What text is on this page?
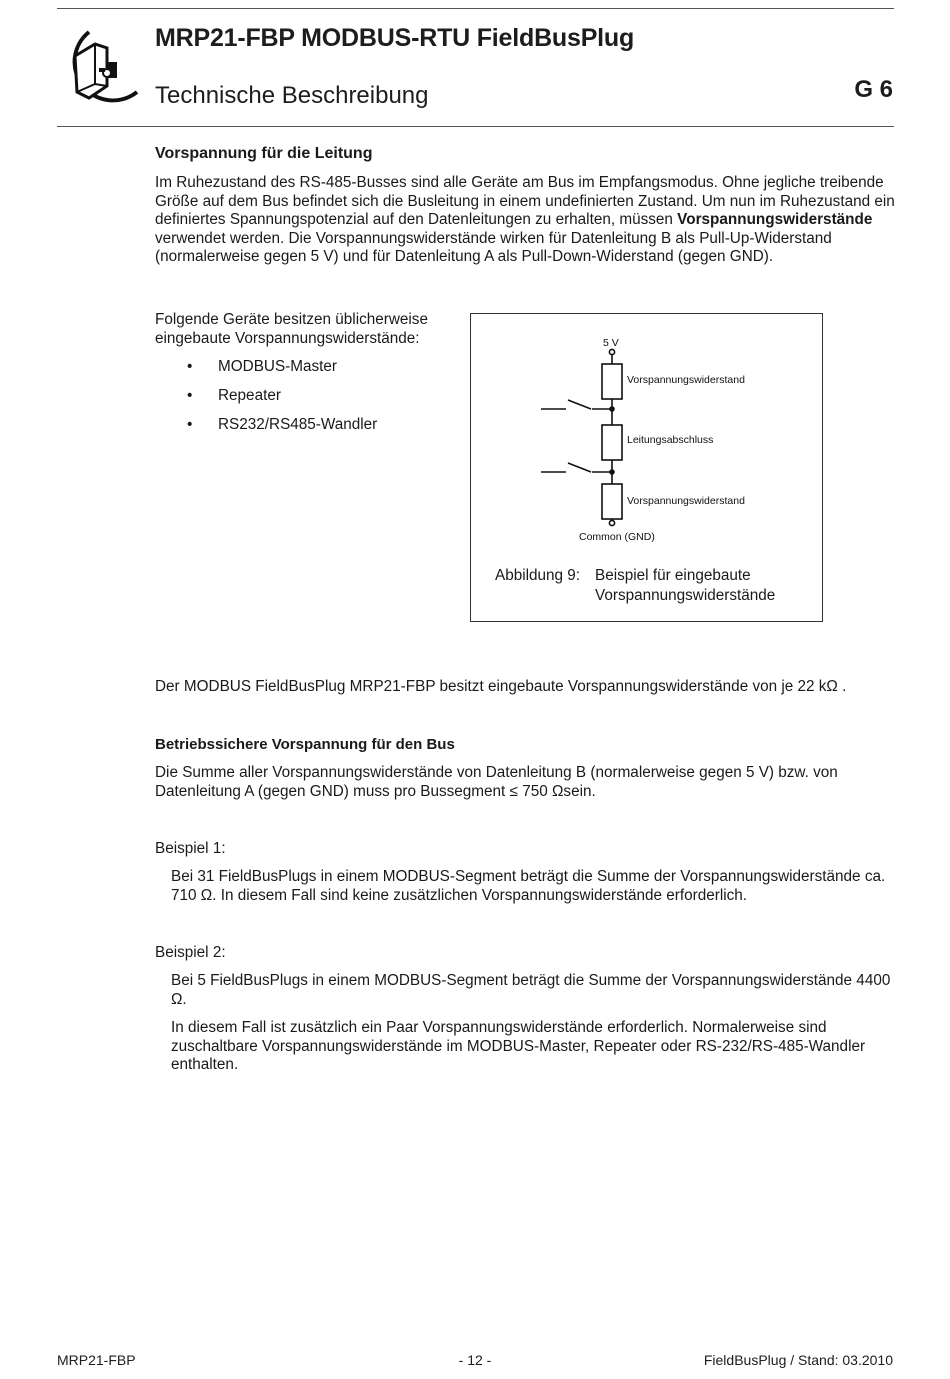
MRP21-FBP MODBUS-RTU FieldBusPlug
Technische Beschreibung	G 6
Vorspannung für die Leitung
Im Ruhezustand des RS-485-Busses sind alle Geräte am Bus im Empfangsmodus. Ohne jegliche treibende Größe auf dem Bus befindet sich die Busleitung in einem undefinierten Zustand. Um nun im Ruhezustand ein definiertes Spannungspotenzial auf den Datenleitungen zu erhalten, müssen Vorspannungswiderstände verwendet werden. Die Vorspannungswiderstände wirken für Datenleitung B als Pull-Up-Widerstand (normalerweise gegen 5 V) und für Datenleitung A als Pull-Down-Widerstand (gegen GND).
Folgende Geräte besitzen üblicherweise eingebaute Vorspannungswiderstände:
• MODBUS-Master
• Repeater
• RS232/RS485-Wandler
5 V
Vorspannungswiderstand
Leitungsabschluss
Vorspannungswiderstand
Common (GND)
Abbildung 9: Beispiel für eingebaute Vorspannungswiderstände
Der MODBUS FieldBusPlug MRP21-FBP besitzt eingebaute Vorspannungswiderstände von je 22 kΩ .
Betriebssichere Vorspannung für den Bus
Die Summe aller Vorspannungswiderstände von Datenleitung B (normalerweise gegen 5 V) bzw. von Datenleitung A (gegen GND) muss pro Bussegment ≤ 750 Ωsein.
Beispiel 1:
Bei 31 FieldBusPlugs in einem MODBUS-Segment beträgt die Summe der Vorspannungswiderstände ca. 710 Ω. In diesem Fall sind keine zusätzlichen Vorspannungswiderstände erforderlich.
Beispiel 2:
Bei 5 FieldBusPlugs in einem MODBUS-Segment beträgt die Summe der Vorspannungswiderstände 4400 Ω.
In diesem Fall ist zusätzlich ein Paar Vorspannungswiderstände erforderlich. Normalerweise sind zuschaltbare Vorspannungswiderstände im MODBUS-Master, Repeater oder RS-232/RS-485-Wandler enthalten.
MRP21-FBP	- 12 -	FieldBusPlug / Stand: 03.2010
